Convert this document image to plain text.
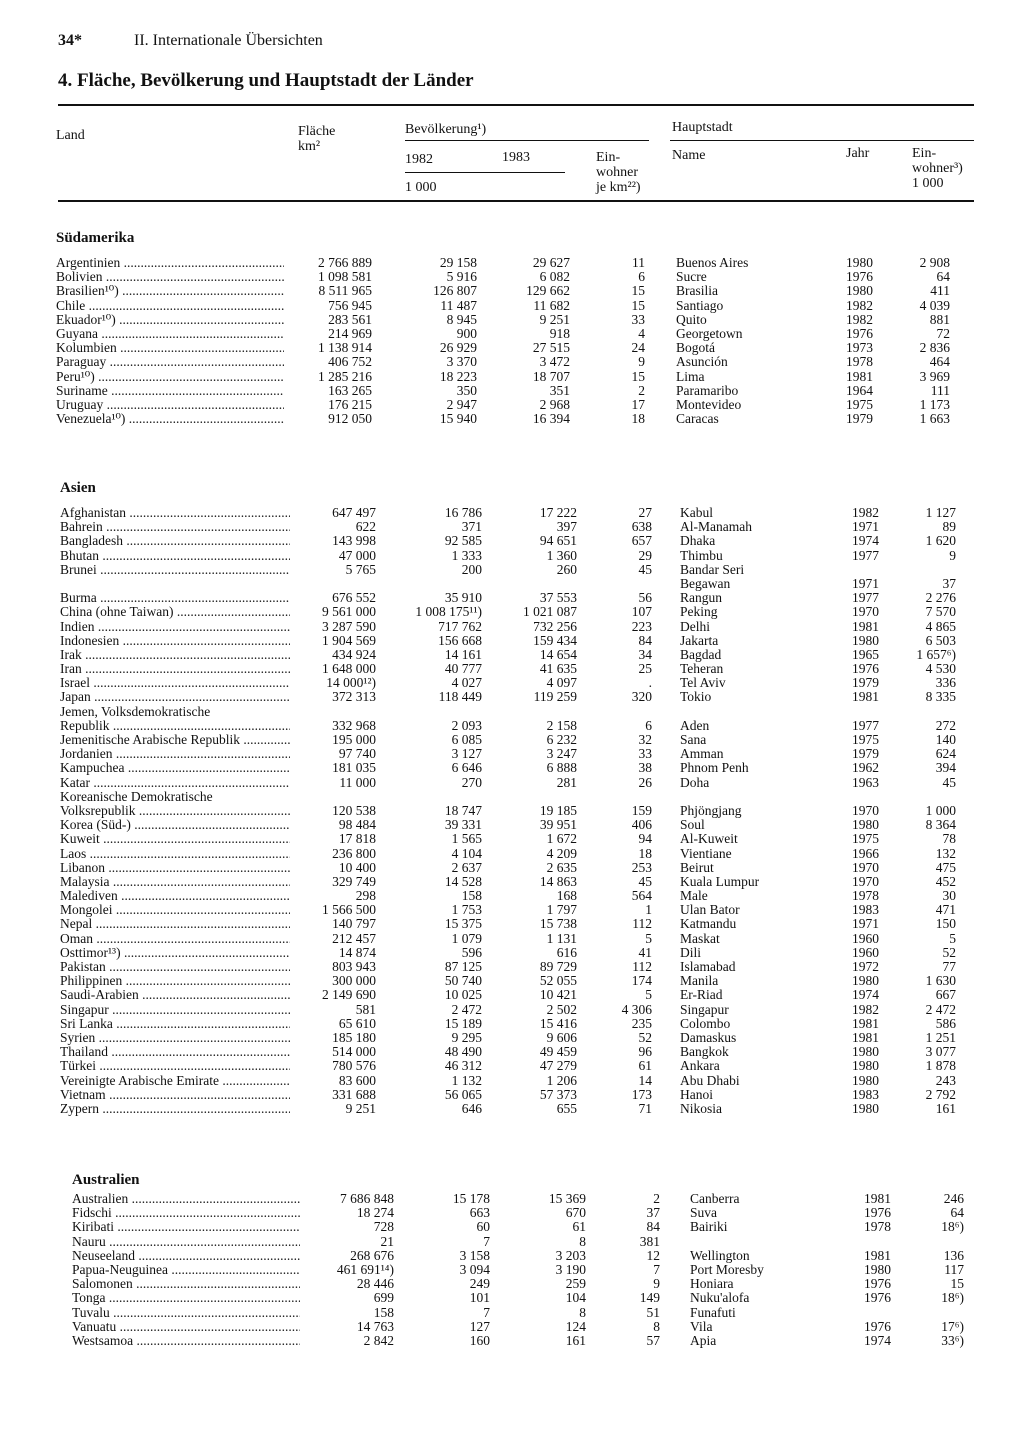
34*	II. Internationale Übersichten
4. Fläche, Bevölkerung und Hauptstadt der Länder
Land	Fläche
km²
Bevölkerung¹)
1982	1983
1 000
Ein-
wohner
je km²²)
Hauptstadt
Name	Jahr	Ein-
wohner³)
1 000
Südamerika
Argentinien .....	2 766 889	29 158	29 627	11 Buenos Aires	1980	2 908
Bolivien .....	1 098 581	5 916	6 082	6 Sucre	1976	64
Brasilien¹⁰) .....	8 511 965	126 807	129 662	15 Brasilia	1980	411
Chile .....	756 945	11 487	11 682	15 Santiago	1982	4 039
Ekuador¹⁰) .....	283 561	8 945	9 251	33 Quito	1982	881
Guyana .....	214 969	900	918	4 Georgetown	1976	72
Kolumbien .....	1 138 914	26 929	27 515	24 Bogotá	1973	2 836
Paraguay .....	406 752	3 370	3 472	9 Asunción	1978	464
Peru¹⁰) .....	1 285 216	18 223	18 707	15 Lima	1981	3 969
Suriname .....	163 265	350	351	2 Paramaribo	1964	111
Uruguay .....	176 215	2 947	2 968	17 Montevideo	1975	1 173
Venezuela¹⁰) .....	912 050	15 940	16 394	18 Caracas	1979	1 663
Asien
Afghanistan .....	647 497	16 786	17 222	27 Kabul	1982	1 127
Bahrein .....	622	371	397	638 Al-Manamah	1971	89
Bangladesh .....	143 998	92 585	94 651	657 Dhaka	1974	1 620
Bhutan .....	47 000	1 333	1 360	29 Thimbu	1977	9
Brunei .....	5 765	200	260	45 Bandar Seri
Begawan	1971	37
Burma .....	676 552	35 910	37 553	56 Rangun	1977	2 276
China (ohne Taiwan) .....	9 561 000	1 008 175¹¹)	1 021 087	107 Peking	1970	7 570
Indien .....	3 287 590	717 762	732 256	223 Delhi	1981	4 865
Indonesien .....	1 904 569	156 668	159 434	84 Jakarta	1980	6 503
Irak .....	434 924	14 161	14 654	34 Bagdad	1965	1 657⁶)
Iran .....	1 648 000	40 777	41 635	25 Teheran	1976	4 530
Israel .....	14 000¹²)	4 027	4 097	. Tel Aviv	1979	336
Japan .....	372 313	118 449	119 259	320 Tokio	1981	8 335
Jemen, Volksdemokratische
Republik .....	332 968	2 093	2 158	6 Aden	1977	272
Jemenitische Arabische Republik .....	195 000	6 085	6 232	32 Sana	1975	140
Jordanien .....	97 740	3 127	3 247	33 Amman	1979	624
Kampuchea .....	181 035	6 646	6 888	38 Phnom Penh	1962	394
Katar .....	11 000	270	281	26 Doha	1963	45
Koreanische Demokratische
Volksrepublik .....	120 538	18 747	19 185	159 Phjöngjang	1970	1 000
Korea (Süd-) .....	98 484	39 331	39 951	406 Soul	1980	8 364
Kuweit .....	17 818	1 565	1 672	94 Al-Kuweit	1975	78
Laos .....	236 800	4 104	4 209	18 Vientiane	1966	132
Libanon .....	10 400	2 637	2 635	253 Beirut	1970	475
Malaysia .....	329 749	14 528	14 863	45 Kuala Lumpur	1970	452
Malediven .....	298	158	168	564 Male	1978	30
Mongolei .....	1 566 500	1 753	1 797	1 Ulan Bator	1983	471
Nepal .....	140 797	15 375	15 738	112 Katmandu	1971	150
Oman .....	212 457	1 079	1 131	5 Maskat	1960	5
Osttimor¹³) .....	14 874	596	616	41 Dili	1960	52
Pakistan .....	803 943	87 125	89 729	112 Islamabad	1972	77
Philippinen .....	300 000	50 740	52 055	174 Manila	1980	1 630
Saudi-Arabien .....	2 149 690	10 025	10 421	5 Er-Riad	1974	667
Singapur .....	581	2 472	2 502	4 306 Singapur	1982	2 472
Sri Lanka .....	65 610	15 189	15 416	235 Colombo	1981	586
Syrien .....	185 180	9 295	9 606	52 Damaskus	1981	1 251
Thailand .....	514 000	48 490	49 459	96 Bangkok	1980	3 077
Türkei .....	780 576	46 312	47 279	61 Ankara	1980	1 878
Vereinigte Arabische Emirate .....	83 600	1 132	1 206	14 Abu Dhabi	1980	243
Vietnam .....	331 688	56 065	57 373	173 Hanoi	1983	2 792
Zypern .....	9 251	646	655	71 Nikosia	1980	161
Australien
Australien .....	7 686 848	15 178	15 369	2 Canberra	1981	246
Fidschi .....	18 274	663	670	37 Suva	1976	64
Kiribati .....	728	60	61	84 Bairiki	1978	18⁶)
Nauru .....	21	7	8	381
Neuseeland .....	268 676	3 158	3 203	12 Wellington	1981	136
Papua-Neuguinea .....	461 691¹⁴)	3 094	3 190	7 Port Moresby	1980	117
Salomonen .....	28 446	249	259	9 Honiara	1976	15
Tonga .....	699	101	104	149 Nuku'alofa	1976	18⁶)
Tuvalu .....	158	7	8	51 Funafuti
Vanuatu .....	14 763	127	124	8 Vila	1976	17⁶)
Westsamoa .....	2 842	160	161	57 Apia	1974	33⁶)
